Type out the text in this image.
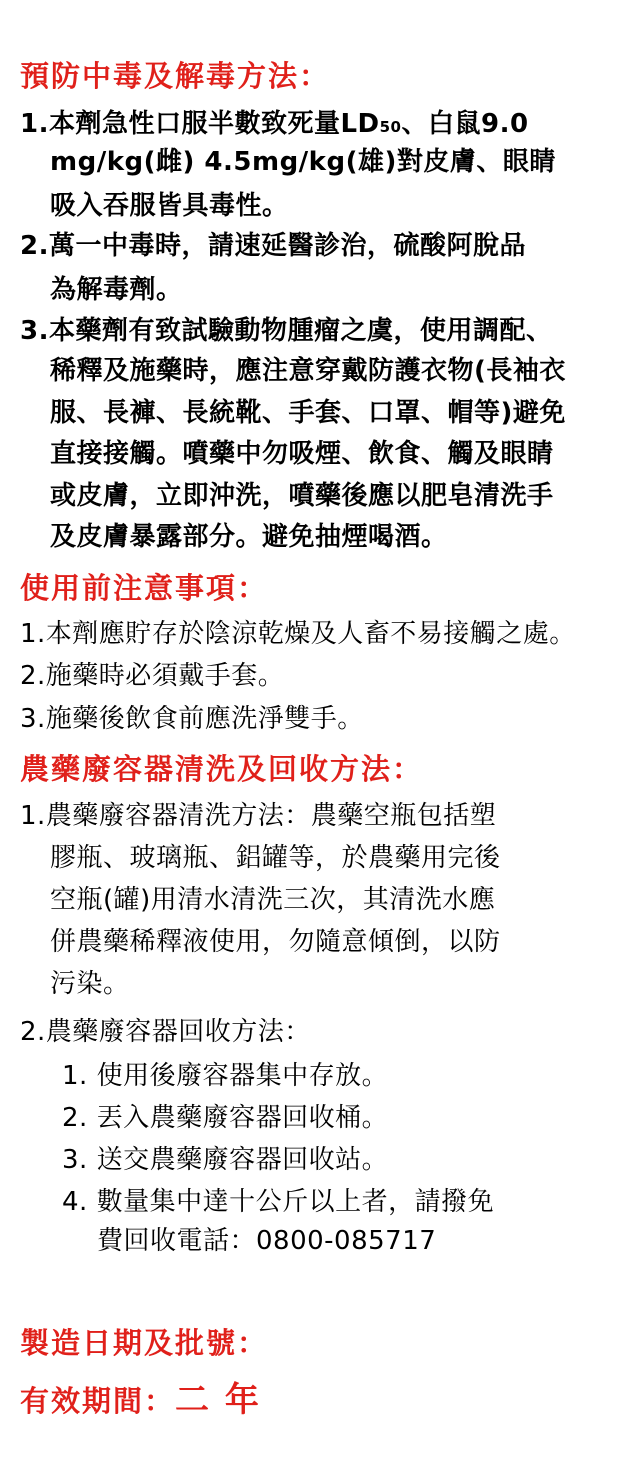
預防中毒及解毒方法：
1.本劑急性口服半數致死量LD50、白鼠9.0
mg/kg(雌) 4.5mg/kg(雄)對皮膚、眼睛
吸入吞服皆具毒性。
2.萬一中毒時，請速延醫診治，硫酸阿脫品
為解毒劑。
3.本藥劑有致試驗動物腫瘤之虞，使用調配、
稀釋及施藥時，應注意穿戴防護衣物(長袖衣
服、長褲、長統靴、手套、口罩、帽等)避免
直接接觸。噴藥中勿吸煙、飲食、觸及眼睛
或皮膚，立即沖洗，噴藥後應以肥皂清洗手
及皮膚暴露部分。避免抽煙喝酒。
使用前注意事項：
1.本劑應貯存於陰涼乾燥及人畜不易接觸之處。
2.施藥時必須戴手套。
3.施藥後飲食前應洗淨雙手。
農藥廢容器清洗及回收方法：
1.農藥廢容器清洗方法：農藥空瓶包括塑
膠瓶、玻璃瓶、鋁罐等，於農藥用完後
空瓶(罐)用清水清洗三次，其清洗水應
併農藥稀釋液使用，勿隨意傾倒，以防
污染。
2.農藥廢容器回收方法：
1. 使用後廢容器集中存放。
2. 丟入農藥廢容器回收桶。
3. 送交農藥廢容器回收站。
4. 數量集中達十公斤以上者，請撥免
費回收電話：0800-085717
製造日期及批號：
有效期間：二 年
